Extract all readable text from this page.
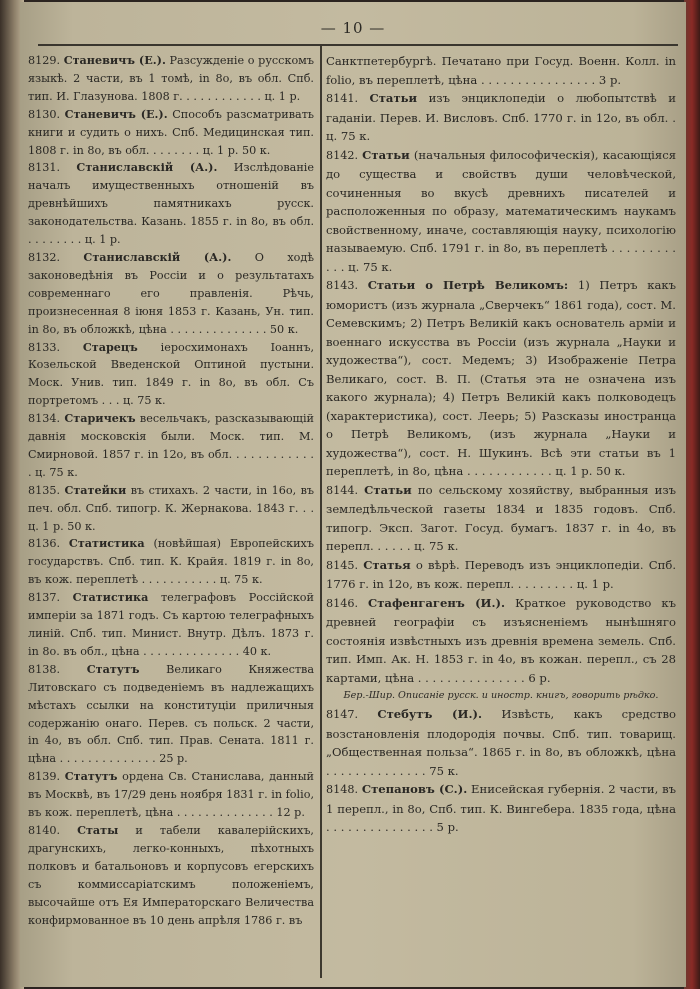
— 10 —
8129. Станевичъ (Е.). Разсужденіе о русскомъ языкѣ. 2 части, въ 1 томѣ, in 8о, въ обл. Спб. тип. И. Глазунова. 1808 г. . . . . . . . . . . . ц. 1 р.
8130. Станевичъ (Е.). Способъ разсматривать книги и судить о нихъ. Спб. Медицинская тип. 1808 г. in 8о, въ обл. . . . . . . . ц. 1 р. 50 к.
8131. Станиславскій (А.). Изслѣдованіе началъ имущественныхъ отношеній въ древнѣйшихъ памятникахъ русск. законодательства. Казань. 1855 г. in 8о, въ обл. . . . . . . . . ц. 1 р.
8132. Станиславскій (А.). О ходѣ законоведѣнія въ Россіи и о результатахъ современнаго его правленія. Рѣчь, произнесенная 8 іюня 1853 г. Казань, Ун. тип. in 8о, въ обложкѣ, цѣна . . . . . . . . . . . . . . 50 к.
8133. Старецъ іеросхимонахъ Іоаннъ, Козельской Введенской Оптиной пустыни. Моск. Унив. тип. 1849 г. in 8о, въ обл. Съ портретомъ . . . ц. 75 к.
8134. Старичекъ весельчакъ, разсказывающій давнія московскія были. Моск. тип. М. Смирновой. 1857 г. in 12о, въ обл. . . . . . . . . . . . . ц. 75 к.
8135. Статейки въ стихахъ. 2 части, in 16о, въ печ. обл. Спб. типогр. К. Жернакова. 1843 г. . . ц. 1 р. 50 к.
8136. Статистика (новѣйшая) Европейскихъ государствъ. Спб. тип. К. Крайя. 1819 г. in 8о, въ кож. переплетѣ . . . . . . . . . . . ц. 75 к.
8137. Статистика телеграфовъ Россійской имперіи за 1871 годъ. Съ картою телеграфныхъ линій. Спб. тип. Минист. Внутр. Дѣлъ. 1873 г. in 8о. въ обл., цѣна . . . . . . . . . . . . . . 40 к.
8138. Статутъ Великаго Княжества Литовскаго съ подведеніемъ въ надлежащихъ мѣстахъ ссылки на конституціи приличныя содержанію онаго. Перев. съ польск. 2 части, in 4о, въ обл. Спб. тип. Прав. Сената. 1811 г. цѣна . . . . . . . . . . . . . . 25 р.
8139. Статутъ ордена Св. Станислава, данный въ Москвѣ, въ 17/29 день ноября 1831 г. in folio, въ кож. переплетѣ, цѣна . . . . . . . . . . . . . . 12 р.
8140. Статы и табели кавалерійскихъ, драгунскихъ, легко-конныхъ, пѣхотныхъ полковъ и батальоновъ и корпусовъ егерскихъ съ коммиссаріатскимъ положеніемъ, высочайше отъ Ея Императорскаго Величества конфирмованное въ 10 день апрѣля 1786 г. въ
Санктпетербургѣ. Печатано при Госуд. Военн. Колл. in folio, въ переплетѣ, цѣна . . . . . . . . . . . . . . . . 3 р.
8141. Статьи изъ энциклопедіи о любопытствѣ и гаданіи. Перев. И. Висловъ. Спб. 1770 г. in 12о, въ обл. . ц. 75 к.
8142. Статьи (начальныя философическія), касающіяся до существа и свойствъ души человѣческой, сочиненныя во вкусѣ древнихъ писателей и расположенныя по образу, математическимъ наукамъ свойственному, иначе, составляющія науку, психологію называемую. Спб. 1791 г. in 8о, въ переплетѣ . . . . . . . . . . . . ц. 75 к.
8143. Статьи о Петрѣ Великомъ: 1) Петръ какъ юмористъ (изъ журнала „Сверчекъ“ 1861 года), сост. М. Семевскимъ; 2) Петръ Великій какъ основатель арміи и военнаго искусства въ Россіи (изъ журнала „Науки и художества“), сост. Медемъ; 3) Изображеніе Петра Великаго, сост. В. П. (Статья эта не означена изъ какого журнала); 4) Петръ Великій какъ полководецъ (характеристика), сост. Леерь; 5) Разсказы иностранца о Петрѣ Великомъ, (изъ журнала „Науки и художества“), сост. Н. Шукинъ. Всѣ эти статьи въ 1 переплетѣ, in 8о, цѣна . . . . . . . . . . . . ц. 1 р. 50 к.
8144. Статьи по сельскому хозяйству, выбранныя изъ земледѣльческой газеты 1834 и 1835 годовъ. Спб. типогр. Эксп. Загот. Госуд. бумагъ. 1837 г. in 4о, въ перепл. . . . . . ц. 75 к.
8145. Статья о вѣрѣ. Переводъ изъ энциклопедіи. Спб. 1776 г. in 12о, въ кож. перепл. . . . . . . . . ц. 1 р.
8146. Стафенгагенъ (И.). Краткое руководство къ древней географіи съ изъясненіемъ нынѣшняго состоянія извѣстныхъ изъ древнія времена земель. Спб. тип. Имп. Ак. Н. 1853 г. in 4о, въ кожан. перепл., съ 28 картами, цѣна . . . . . . . . . . . . . . . 6 р.
Бер.-Шир. Описаніе русск. и иностр. книгъ, говорить рѣдко.
8147. Стебутъ (И.). Извѣсть, какъ средство возстановленія плодородія почвы. Спб. тип. товарищ. „Общественная польза“. 1865 г. in 8о, въ обложкѣ, цѣна . . . . . . . . . . . . . . 75 к.
8148. Степановъ (С.). Енисейская губернія. 2 части, въ 1 перепл., in 8о, Спб. тип. К. Вингебера. 1835 года, цѣна . . . . . . . . . . . . . . . 5 р.
